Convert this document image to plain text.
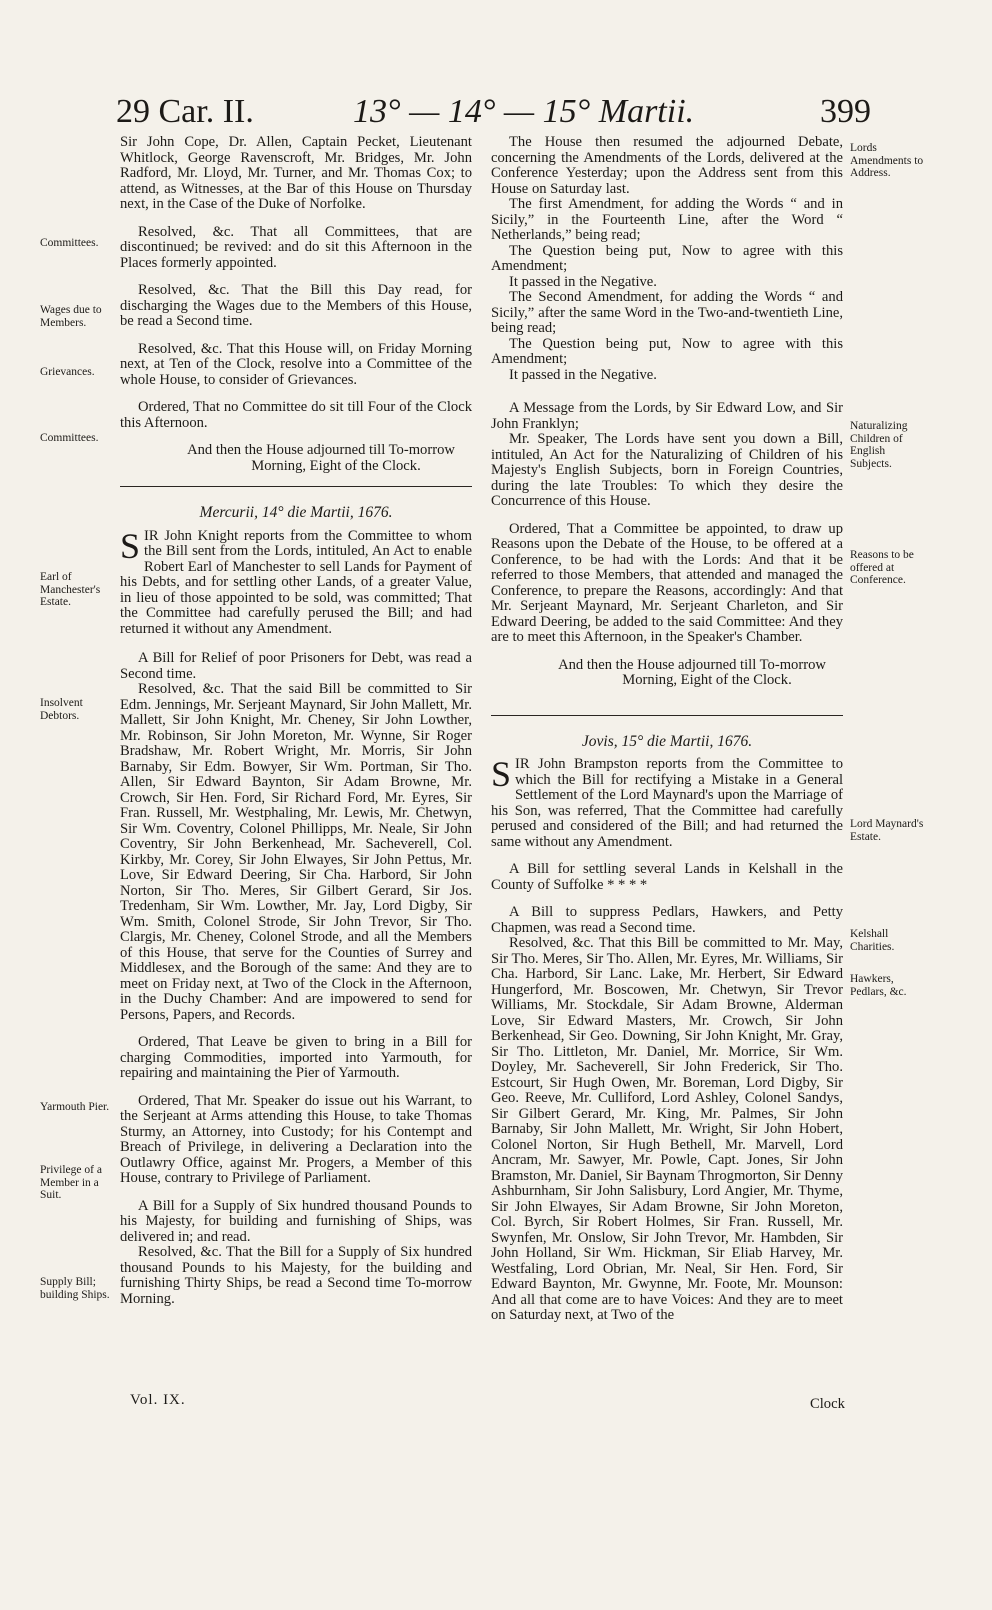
29 Car. II.	13° — 14° — 15° Martii.	399
Committees.
Wages due to Members.
Grievances.
Committees.
Earl of Manchester's Estate.
Insolvent Debtors.
Yarmouth Pier.
Privilege of a Member in a Suit.
Supply Bill; building Ships.
Lords Amendments to Address.
Naturalizing Children of English Subjects.
Reasons to be offered at Conference.
Lord Maynard's Estate.
Kelshall Charities.
Hawkers, Pedlars, &c.

Sir John Cope, Dr. Allen, Captain Pecket, Lieutenant Whitlock, George Ravenscroft, Mr. Bridges, Mr. John Radford, Mr. Lloyd, Mr. Turner, and Mr. Thomas Cox; to attend, as Witnesses, at the Bar of this House on Thursday next, in the Case of the Duke of Norfolke.

Resolved, &c. That all Committees, that are discontinued; be revived: and do sit this Afternoon in the Places formerly appointed.

Resolved, &c. That the Bill this Day read, for discharging the Wages due to the Members of this House, be read a Second time.

Resolved, &c. That this House will, on Friday Morning next, at Ten of the Clock, resolve into a Committee of the whole House, to consider of Grievances.

Ordered, That no Committee do sit till Four of the Clock this Afternoon.

And then the House adjourned till To-morrow Morning, Eight of the Clock.

Mercurii, 14° die Martii, 1676.
SIR John Knight reports from the Committee to whom the Bill sent from the Lords, intituled, An Act to enable Robert Earl of Manchester to sell Lands for Payment of his Debts, and for settling other Lands, of a greater Value, in lieu of those appointed to be sold, was committed; That the Committee had carefully perused the Bill; and had returned it without any Amendment.

A Bill for Relief of poor Prisoners for Debt, was read a Second time.

Resolved, &c. That the said Bill be committed to Sir Edm. Jennings, Mr. Serjeant Maynard, Sir John Mallett, Mr. Mallett, Sir John Knight, Mr. Cheney, Sir John Lowther, Mr. Robinson, Sir John Moreton, Mr. Wynne, Sir Roger Bradshaw, Mr. Robert Wright, Mr. Morris, Sir John Barnaby, Sir Edm. Bowyer, Sir Wm. Portman, Sir Tho. Allen, Sir Edward Baynton, Sir Adam Browne, Mr. Crowch, Sir Hen. Ford, Sir Richard Ford, Mr. Eyres, Sir Fran. Russell, Mr. Westphaling, Mr. Lewis, Mr. Chetwyn, Sir Wm. Coventry, Colonel Phillipps, Mr. Neale, Sir John Coventry, Sir John Berkenhead, Mr. Sacheverell, Col. Kirkby, Mr. Corey, Sir John Elwayes, Sir John Pettus, Mr. Love, Sir Edward Deering, Sir Cha. Harbord, Sir John Norton, Sir Tho. Meres, Sir Gilbert Gerard, Sir Jos. Tredenham, Sir Wm. Lowther, Mr. Jay, Lord Digby, Sir Wm. Smith, Colonel Strode, Sir John Trevor, Sir Tho. Clargis, Mr. Cheney, Colonel Strode, and all the Members of this House, that serve for the Counties of Surrey and Middlesex, and the Borough of the same: And they are to meet on Friday next, at Two of the Clock in the Afternoon, in the Duchy Chamber: And are impowered to send for Persons, Papers, and Records.

Ordered, That Leave be given to bring in a Bill for charging Commodities, imported into Yarmouth, for repairing and maintaining the Pier of Yarmouth.

Ordered, That Mr. Speaker do issue out his Warrant, to the Serjeant at Arms attending this House, to take Thomas Sturmy, an Attorney, into Custody; for his Contempt and Breach of Privilege, in delivering a Declaration into the Outlawry Office, against Mr. Progers, a Member of this House, contrary to Privilege of Parliament.

A Bill for a Supply of Six hundred thousand Pounds to his Majesty, for building and furnishing of Ships, was delivered in; and read.

Resolved, &c. That the Bill for a Supply of Six hundred thousand Pounds to his Majesty, for the building and furnishing Thirty Ships, be read a Second time To-morrow Morning.

The House then resumed the adjourned Debate, concerning the Amendments of the Lords, delivered at the Conference Yesterday; upon the Address sent from this House on Saturday last.

The first Amendment, for adding the Words “ and in Sicily,” in the Fourteenth Line, after the Word “ Netherlands,” being read;

The Question being put, Now to agree with this Amendment;

It passed in the Negative.

The Second Amendment, for adding the Words “ and Sicily,” after the same Word in the Two-and-twentieth Line, being read;

The Question being put, Now to agree with this Amendment;

It passed in the Negative.

A Message from the Lords, by Sir Edward Low, and Sir John Franklyn;

Mr. Speaker, The Lords have sent you down a Bill, intituled, An Act for the Naturalizing of Children of his Majesty's English Subjects, born in Foreign Countries, during the late Troubles: To which they desire the Concurrence of this House.

Ordered, That a Committee be appointed, to draw up Reasons upon the Debate of the House, to be offered at a Conference, to be had with the Lords: And that it be referred to those Members, that attended and managed the Conference, to prepare the Reasons, accordingly: And that Mr. Serjeant Maynard, Mr. Serjeant Charleton, and Sir Edward Deering, be added to the said Committee: And they are to meet this Afternoon, in the Speaker's Chamber.

And then the House adjourned till To-morrow Morning, Eight of the Clock.

Jovis, 15° die Martii, 1676.
SIR John Brampston reports from the Committee to which the Bill for rectifying a Mistake in a General Settlement of the Lord Maynard's upon the Marriage of his Son, was referred, That the Committee had carefully perused and considered of the Bill; and had returned the same without any Amendment.

A Bill for settling several Lands in Kelshall in the County of Suffolke * * * *

A Bill to suppress Pedlars, Hawkers, and Petty Chapmen, was read a Second time.

Resolved, &c. That this Bill be committed to Mr. May, Sir Tho. Meres, Sir Tho. Allen, Mr. Eyres, Mr. Williams, Sir Cha. Harbord, Sir Lanc. Lake, Mr. Herbert, Sir Edward Hungerford, Mr. Boscowen, Mr. Chetwyn, Sir Trevor Williams, Mr. Stockdale, Sir Adam Browne, Alderman Love, Sir Edward Masters, Mr. Crowch, Sir John Berkenhead, Sir Geo. Downing, Sir John Knight, Mr. Gray, Sir Tho. Littleton, Mr. Daniel, Mr. Morrice, Sir Wm. Doyley, Mr. Sacheverell, Sir John Frederick, Sir Tho. Estcourt, Sir Hugh Owen, Mr. Boreman, Lord Digby, Sir Geo. Reeve, Mr. Culliford, Lord Ashley, Colonel Sandys, Sir Gilbert Gerard, Mr. King, Mr. Palmes, Sir John Barnaby, Sir John Mallett, Mr. Wright, Sir John Hobert, Colonel Norton, Sir Hugh Bethell, Mr. Marvell, Lord Ancram, Mr. Sawyer, Mr. Powle, Capt. Jones, Sir John Bramston, Mr. Daniel, Sir Baynam Throgmorton, Sir Denny Ashburnham, Sir John Salisbury, Lord Angier, Mr. Thyme, Sir John Elwayes, Sir Adam Browne, Sir John Moreton, Col. Byrch, Sir Robert Holmes, Sir Fran. Russell, Mr. Swynfen, Mr. Onslow, Sir John Trevor, Mr. Hambden, Sir John Holland, Sir Wm. Hickman, Sir Eliab Harvey, Mr. Westfaling, Lord Obrian, Mr. Neal, Sir Hen. Ford, Sir Edward Baynton, Mr. Gwynne, Mr. Foote, Mr. Mounson: And all that come are to have Voices: And they are to meet on Saturday next, at Two of the

Vol. IX.	Clock
